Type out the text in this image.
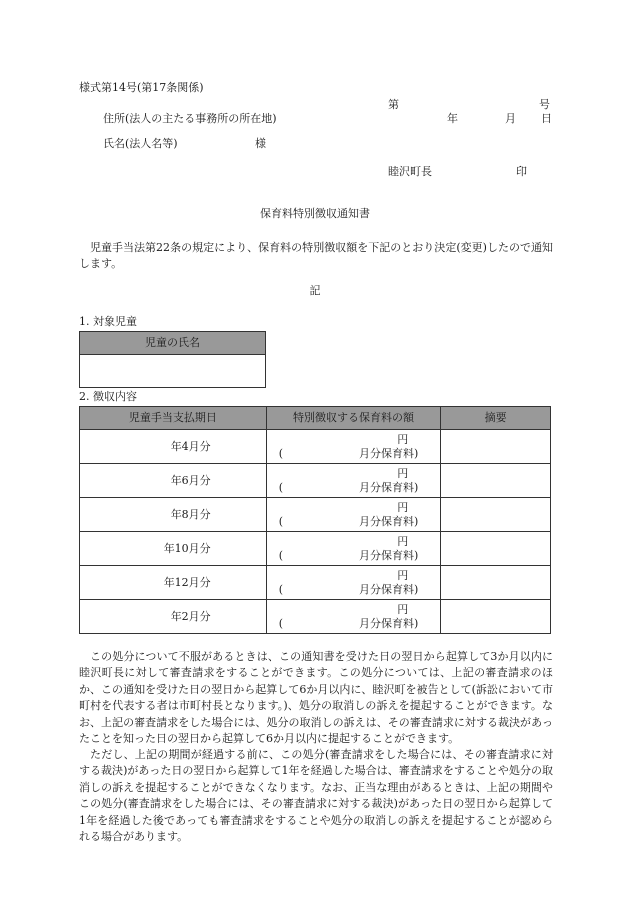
様式第14号(第17条関係)
第	号
住所(法人の主たる事務所の所在地)	年	月 日
氏名(法人名等)	様
睦沢町長	印
保育料特別徴収通知書
児童手当法第22条の規定により、保育料の特別徴収額を下記のとおり決定(変更)したので通知します。
記
1. 対象児童
児童の氏名

2. 徴収内容
児童手当支払期日	特別徴収する保育料の額	摘要
年4月分	円
( 月分保育料)	

年6月分	円
( 月分保育料)	

年8月分	円
( 月分保育料)	

年10月分	円
( 月分保育料)	

年12月分	円
( 月分保育料)	

年2月分	円
( 月分保育料)	

この処分について不服があるときは、この通知書を受けた日の翌日から起算して3か月以内に睦沢町長に対して審査請求をすることができます。この処分については、上記の審査請求のほか、この通知を受けた日の翌日から起算して6か月以内に、睦沢町を被告として(訴訟において市町村を代表する者は市町村長となります。)、処分の取消しの訴えを提起することができます。なお、上記の審査請求をした場合には、処分の取消しの訴えは、その審査請求に対する裁決があったことを知った日の翌日から起算して6か月以内に提起することができます。
ただし、上記の期間が経過する前に、この処分(審査請求をした場合には、その審査請求に対する裁決)があった日の翌日から起算して1年を経過した場合は、審査請求をすることや処分の取消しの訴えを提起することができなくなります。なお、正当な理由があるときは、上記の期間やこの処分(審査請求をした場合には、その審査請求に対する裁決)があった日の翌日から起算して1年を経過した後であっても審査請求をすることや処分の取消しの訴えを提起することが認められる場合があります。
